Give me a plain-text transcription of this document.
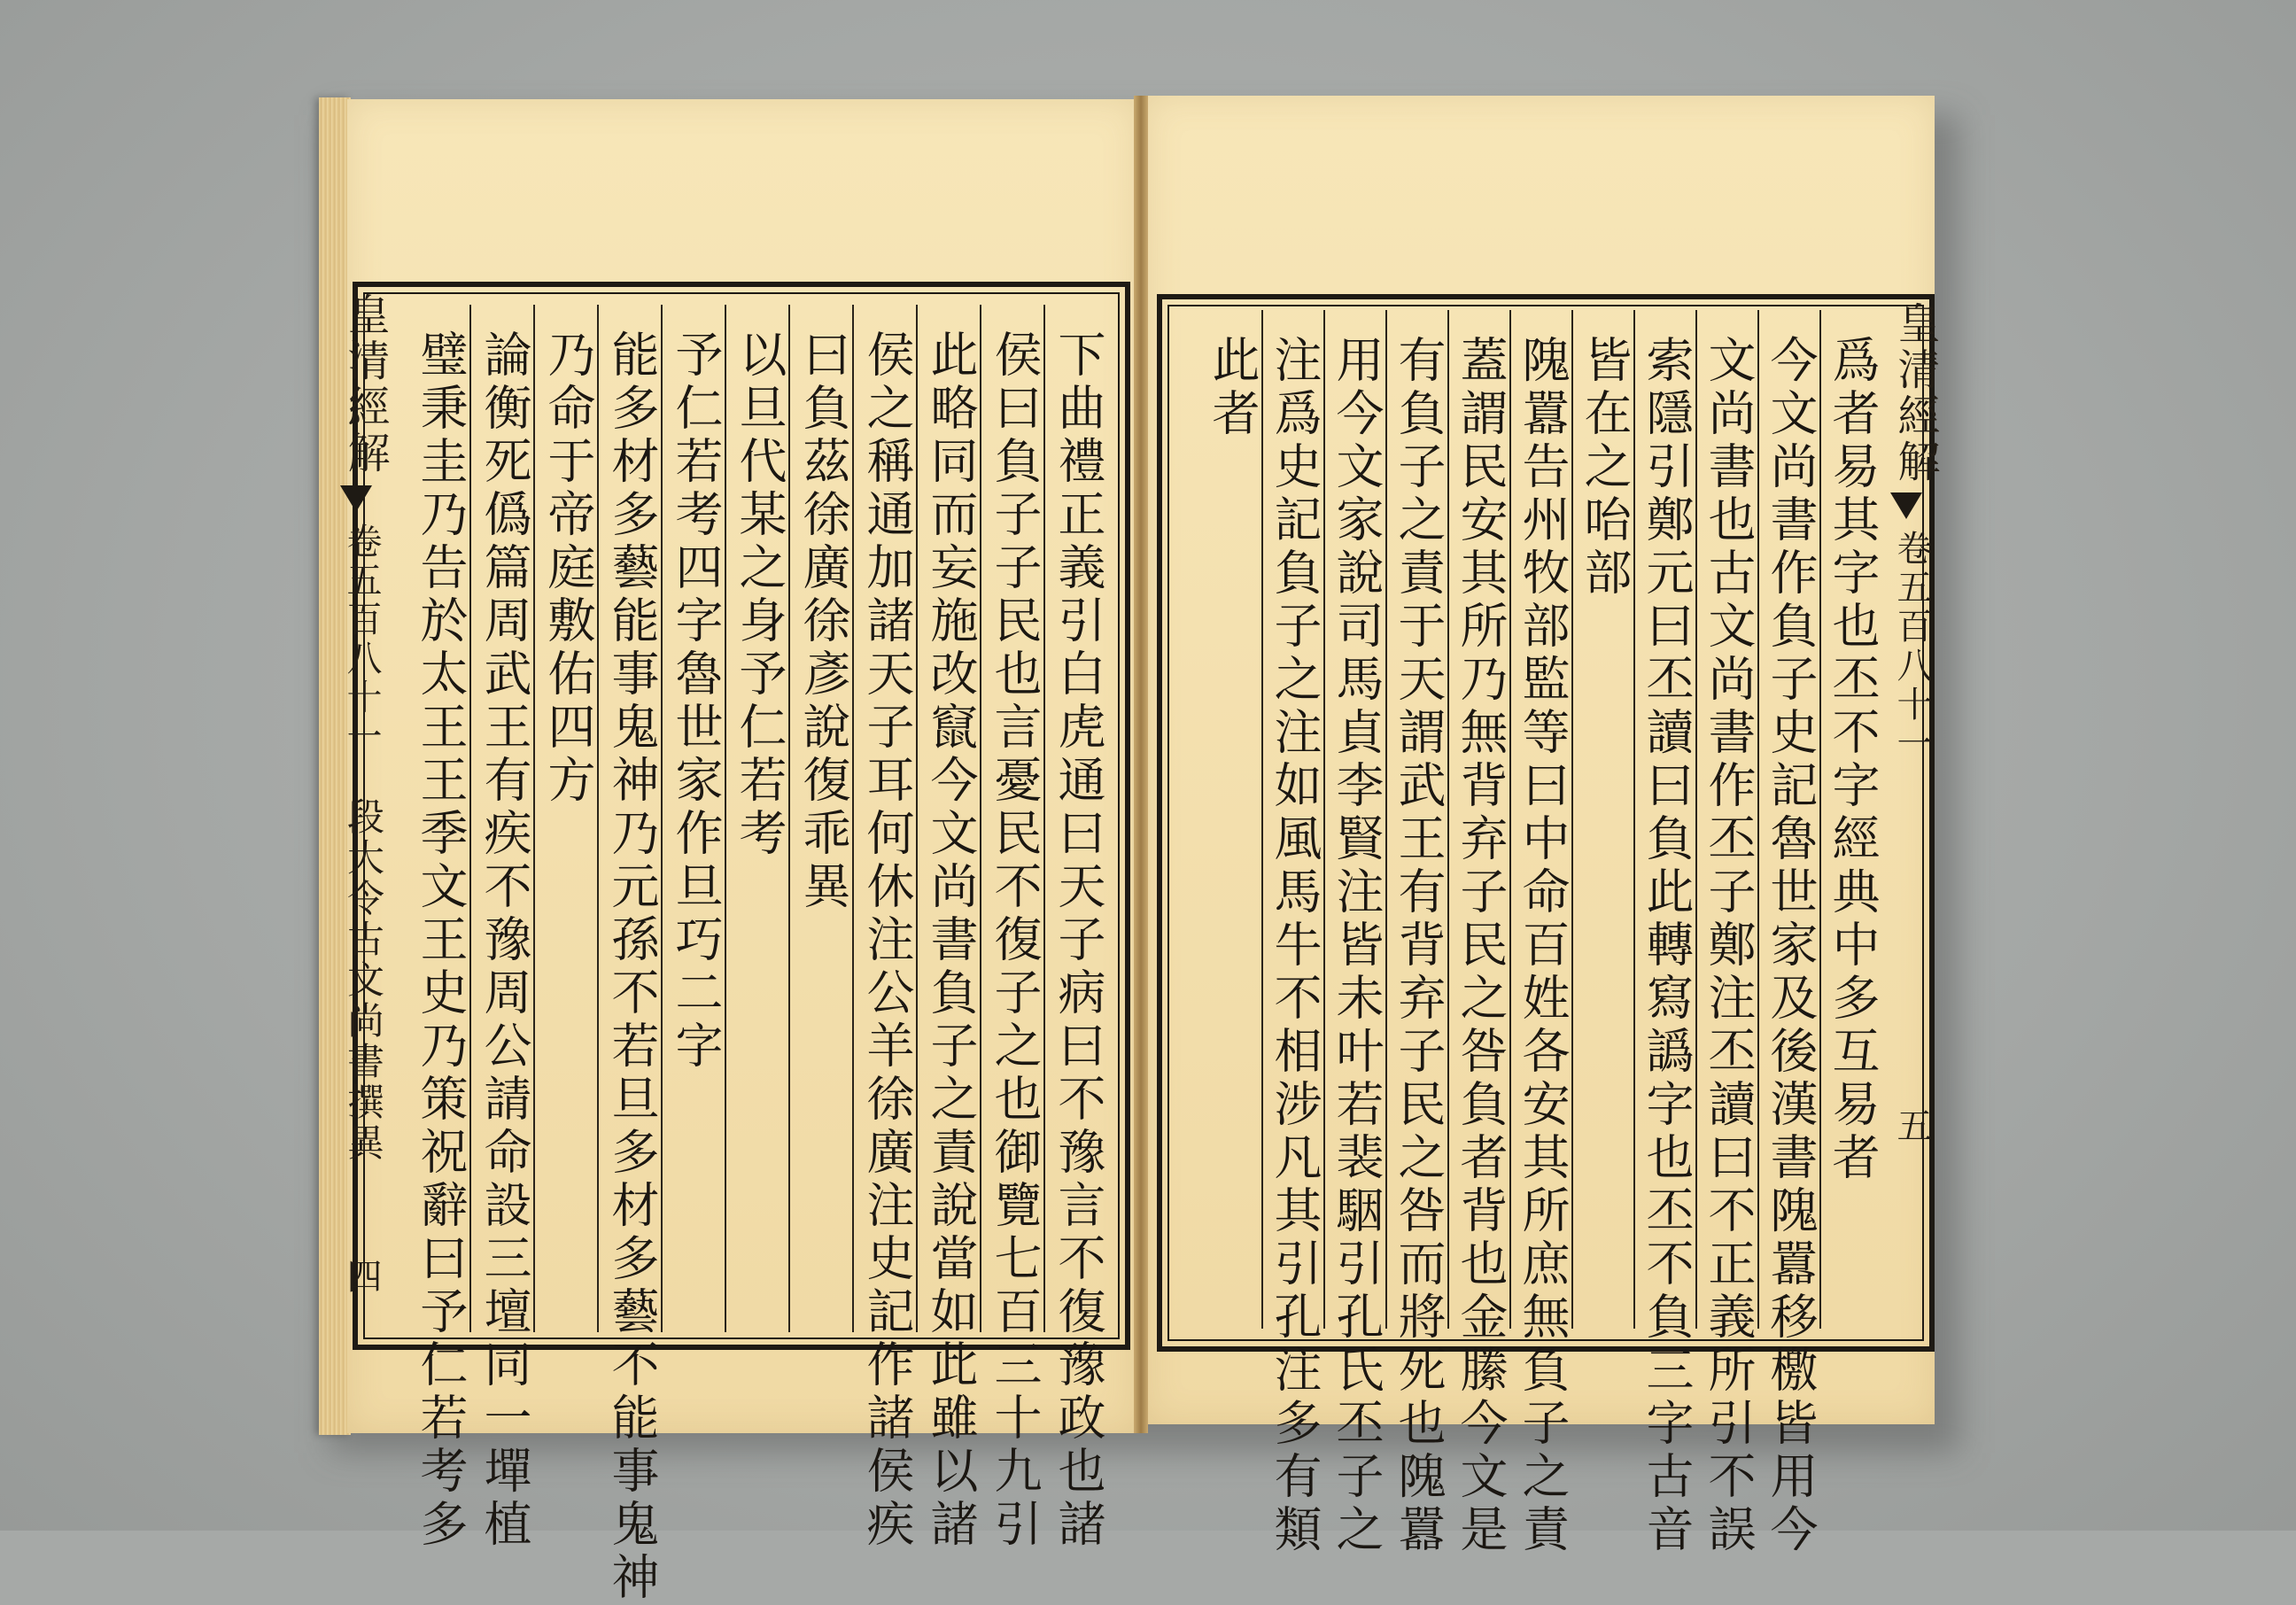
皇清經解
卷五百八十一
段大令古文尚書撰異
四
皇清經解
卷五百八十一
五
下曲禮正義引白虎通曰天子病曰不豫言不復豫政也諸
侯曰負子子民也言憂民不復子之也御覽七百三十九引
此略同而妄施改竄今文尚書負子之責說當如此雖以諸
侯之稱通加諸天子耳何休注公羊徐廣注史記作諸侯疾
曰負茲徐廣徐彥說復乖異
以旦代某之身予仁若考
予仁若考四字魯世家作旦巧二字
能多材多藝能事鬼神乃元孫不若旦多材多藝不能事鬼神
乃命于帝庭敷佑四方
論衡死僞篇周武王有疾不豫周公請命設三壇同一墠植
璧秉圭乃告於太王王季文王史乃策祝辭曰予仁若考多	爲者易其字也丕不字經典中多互易者
今文尚書作負子史記魯世家及後漢書隗囂移檄皆用今
文尚書也古文尚書作丕子鄭注丕讀曰不正義所引不誤
索隱引鄭元曰丕讀曰負此轉寫譌字也丕不負三字古音
皆在之咍部
隗囂告州牧部監等曰中命百姓各安其所庶無負子之責
蓋謂民安其所乃無背弃子民之咎負者背也金縢今文是
有負子之責于天謂武王有背弃子民之咎而將死也隗囂
用今文家說司馬貞李賢注皆未叶若裴駰引孔氏丕子之
注爲史記負子之注如風馬牛不相涉凡其引孔注多有類
此者
